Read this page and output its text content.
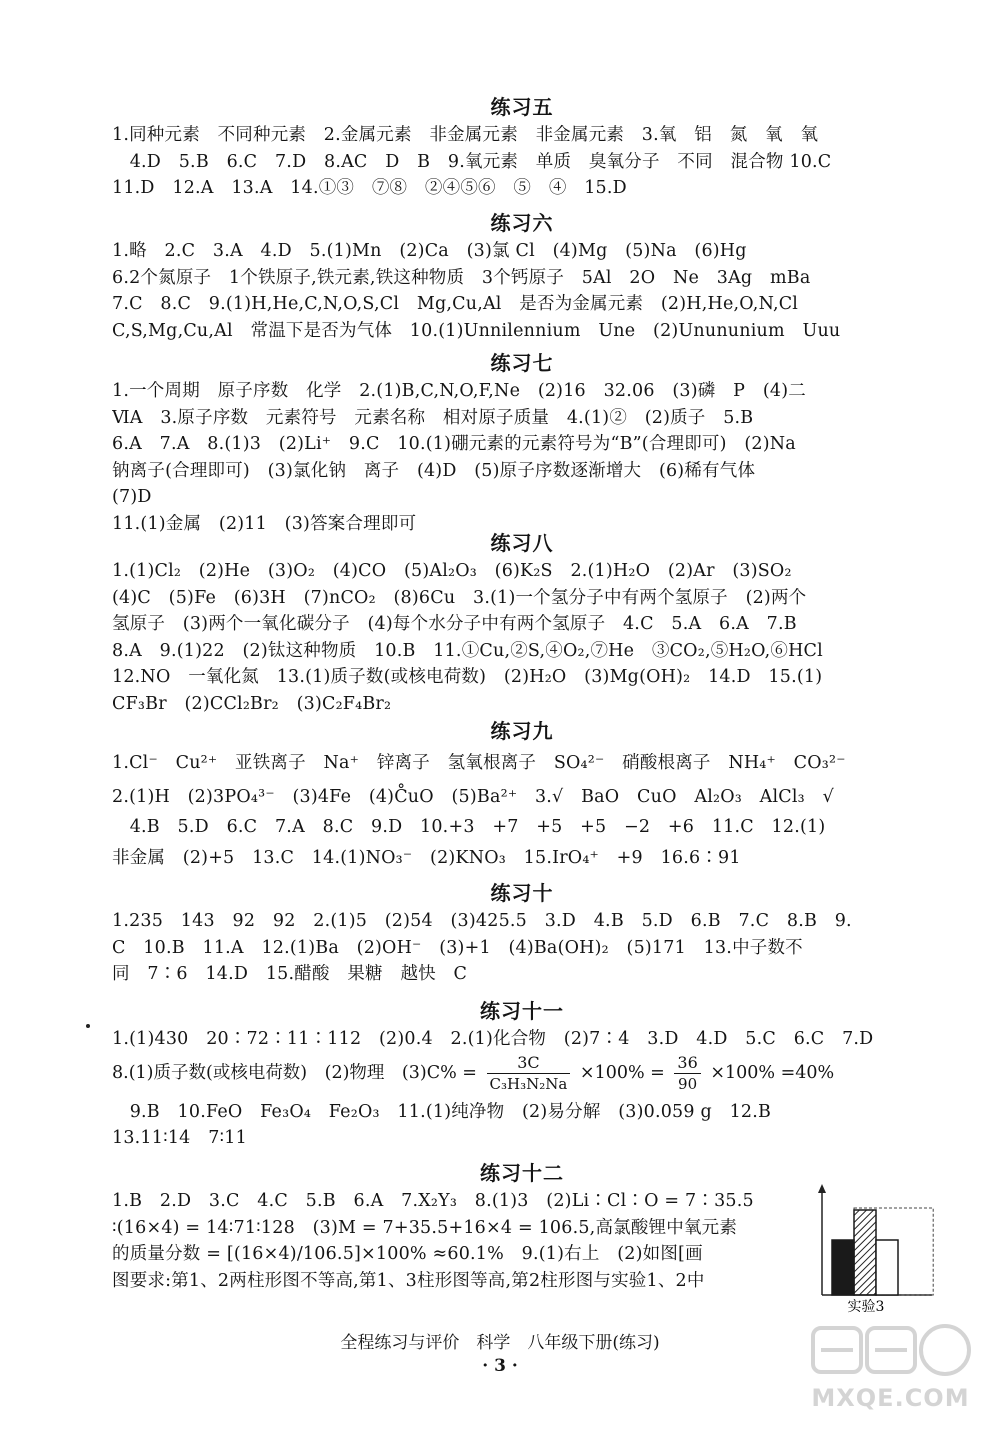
练习五
1.同种元素　不同种元素　2.金属元素　非金属元素　非金属元素　3.氧　铝　氮　氧　氧
　4.D　5.B　6.C　7.D　8.AC　D　B　9.氧元素　单质　臭氧分子　不同　混合物 10.C
11.D　12.A　13.A　14.①③　⑦⑧　②④⑤⑥　⑤　④　15.D
练习六
1.略　2.C　3.A　4.D　5.(1)Mn　(2)Ca　(3)氯 Cl　(4)Mg　(5)Na　(6)Hg
6.2个氮原子　1个铁原子,铁元素,铁这种物质　3个钙原子　5Al　2O　Ne　3Ag　mBa
7.C　8.C　9.(1)H,He,C,N,O,S,Cl　Mg,Cu,Al　是否为金属元素　(2)H,He,O,N,Cl
C,S,Mg,Cu,Al　常温下是否为气体　10.(1)Unnilennium　Une　(2)Unununium　Uuu
练习七
1.一个周期　原子序数　化学　2.(1)B,C,N,O,F,Ne　(2)16　32.06　(3)磷　P　(4)二
ⅥA　3.原子序数　元素符号　元素名称　相对原子质量　4.(1)②　(2)质子　5.B
6.A　7.A　8.(1)3　(2)Li⁺　9.C　10.(1)硼元素的元素符号为“B”(合理即可)　(2)Na
钠离子(合理即可)　(3)氯化钠　离子　(4)D　(5)原子序数逐渐增大　(6)稀有气体
(7)D
11.(1)金属　(2)11　(3)答案合理即可
练习八
1.(1)Cl₂　(2)He　(3)O₂　(4)CO　(5)Al₂O₃　(6)K₂S　2.(1)H₂O　(2)Ar　(3)SO₂
(4)C　(5)Fe　(6)3H　(7)nCO₂　(8)6Cu　3.(1)一个氢分子中有两个氢原子　(2)两个
氢原子　(3)两个一氧化碳分子　(4)每个水分子中有两个氢原子　4.C　5.A　6.A　7.B
8.A　9.(1)22　(2)钛这种物质　10.B　11.①Cu,②S,④O₂,⑦He　③CO₂,⑤H₂O,⑥HCl
12.NO　一氧化氮　13.(1)质子数(或核电荷数)　(2)H₂O　(3)Mg(OH)₂　14.D　15.(1)
CF₃Br　(2)CCl₂Br₂　(3)C₂F₄Br₂
练习九
1.Cl⁻　Cu²⁺　亚铁离子　Na⁺　锌离子　氢氧根离子　SO₄²⁻　硝酸根离子　NH₄⁺　CO₃²⁻
2.(1)H　(2)3PO₄³⁻　(3)4Fe　(4)C̊uO　(5)Ba²⁺　3.√　BaO　CuO　Al₂O₃　AlCl₃　√
　4.B　5.D　6.C　7.A　8.C　9.D　10.+3　+7　+5　+5　−2　+6　11.C　12.(1)
非金属　(2)+5　13.C　14.(1)NO₃⁻　(2)KNO₃　15.IrO₄⁺　+9　16.6∶91
练习十
1.235　143　92　92　2.(1)5　(2)54　(3)425.5　3.D　4.B　5.D　6.B　7.C　8.B　9.
C　10.B　11.A　12.(1)Ba　(2)OH⁻　(3)+1　(4)Ba(OH)₂　(5)171　13.中子数不
同　7∶6　14.D　15.醋酸　果糖　越快　C
练习十一
1.(1)430　20∶72∶11∶112　(2)0.4　2.(1)化合物　(2)7∶4　3.D　4.D　5.C　6.C　7.D
8.(1)质子数(或核电荷数)　(2)物理　$(3)C\% = \frac{3C}{\text{C₃H₃N₂Na}} \times 100\% = \frac{36}{90} \times 100\% =40\%$
　9.B　10.FeO　Fe₃O₄　Fe₂O₃　11.(1)纯净物　(2)易分解　(3)0.059 g　12.B
13.11∶14　7∶11
练习十二
1.B　2.D　3.C　4.C　5.B　6.A　7.X₂Y₃　8.(1)3　(2)Li∶Cl∶O = 7∶35.5
∶(16×4) = 14∶71∶128　(3)M = 7+35.5+16×4 = 106.5,高氯酸锂中氧元素
的质量分数 = [(16×4)/106.5]×100% ≈60.1%　9.(1)右上　(2)如图[画
图要求:第1、2两柱形图不等高,第1、3柱形图等高,第2柱形图与实验1、2中
实验3
全程练习与评价　科学　八年级下册(练习)
· 3 ·
MXQE.COM
